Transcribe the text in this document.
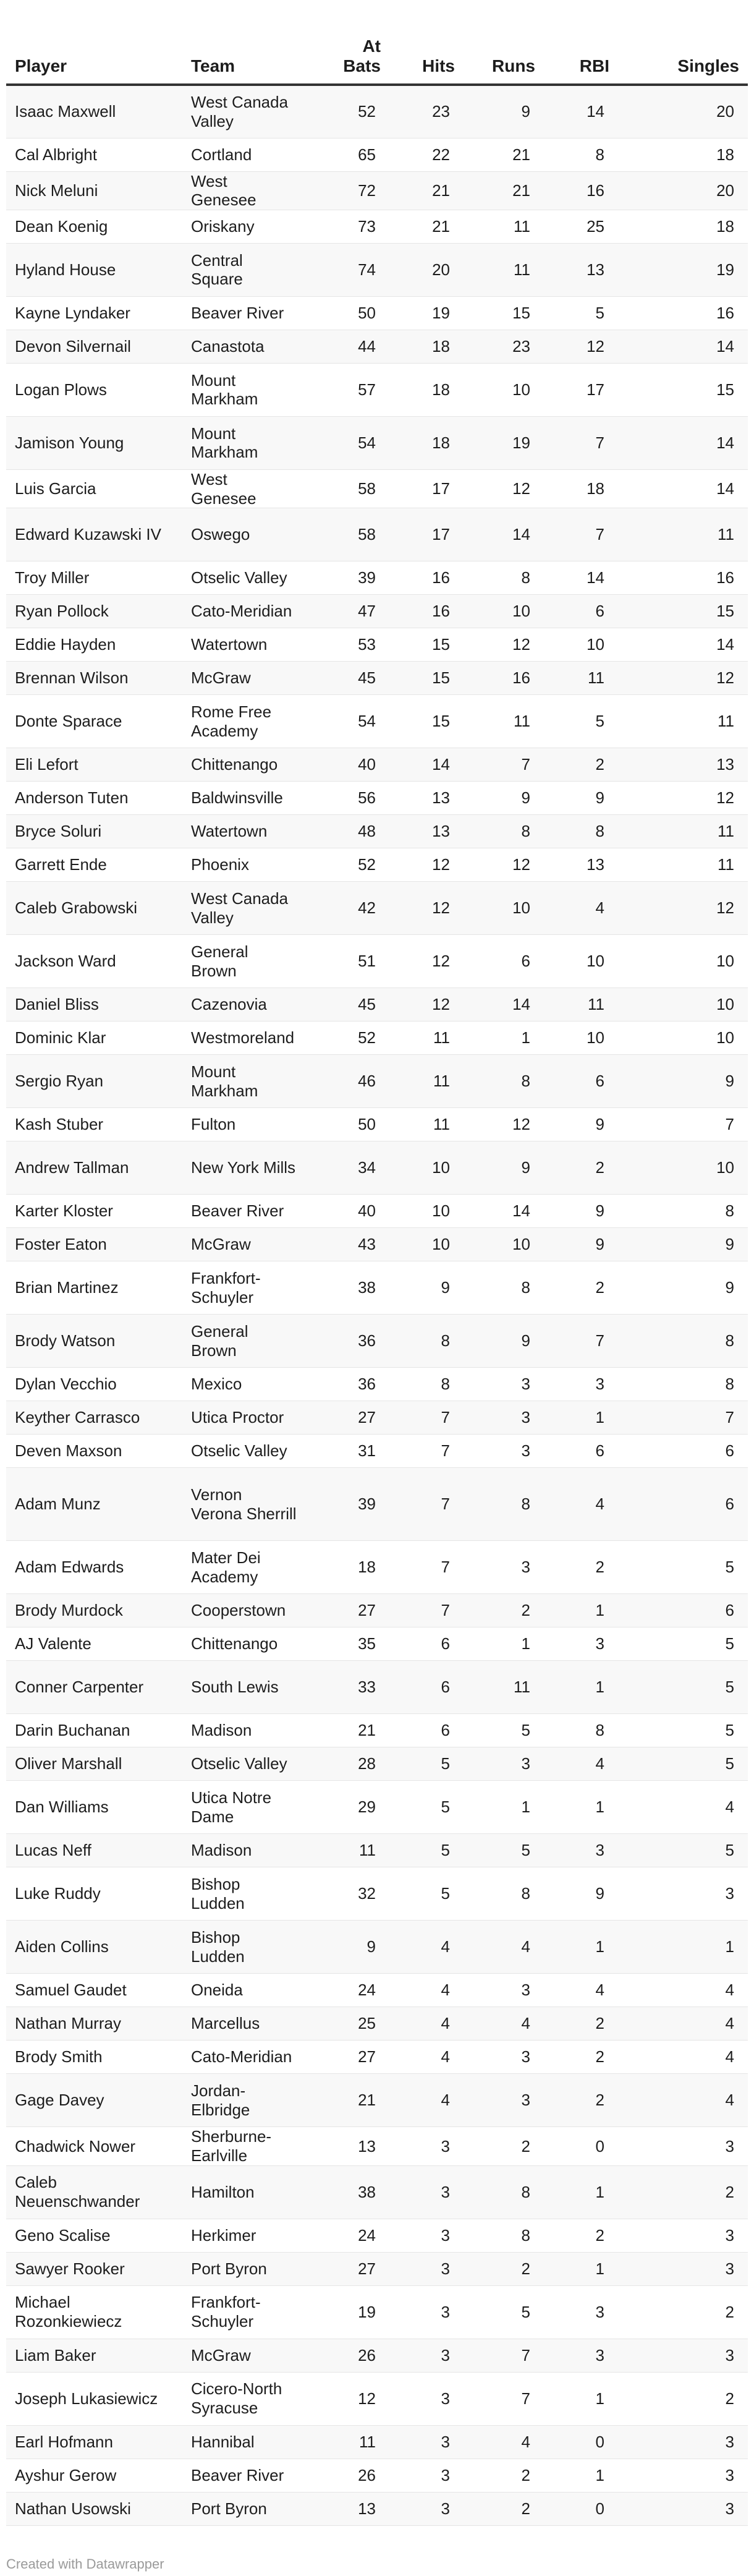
Player	Team	At Bats	Hits	Runs	RBI	Singles
Isaac Maxwell	West Canada Valley	52	23	9	14	20
Cal Albright	Cortland	65	22	21	8	18
Nick Meluni	West Genesee	72	21	21	16	20
Dean Koenig	Oriskany	73	21	11	25	18
Hyland House	Central Square	74	20	11	13	19
Kayne Lyndaker	Beaver River	50	19	15	5	16
Devon Silvernail	Canastota	44	18	23	12	14
Logan Plows	Mount Markham	57	18	10	17	15
Jamison Young	Mount Markham	54	18	19	7	14
Luis Garcia	West Genesee	58	17	12	18	14
Edward Kuzawski IV	Oswego	58	17	14	7	11
Troy Miller	Otselic Valley	39	16	8	14	16
Ryan Pollock	Cato-Meridian	47	16	10	6	15
Eddie Hayden	Watertown	53	15	12	10	14
Brennan Wilson	McGraw	45	15	16	11	12
Donte Sparace	Rome Free Academy	54	15	11	5	11
Eli Lefort	Chittenango	40	14	7	2	13
Anderson Tuten	Baldwinsville	56	13	9	9	12
Bryce Soluri	Watertown	48	13	8	8	11
Garrett Ende	Phoenix	52	12	12	13	11
Caleb Grabowski	West Canada Valley	42	12	10	4	12
Jackson Ward	General Brown	51	12	6	10	10
Daniel Bliss	Cazenovia	45	12	14	11	10
Dominic Klar	Westmoreland	52	11	1	10	10
Sergio Ryan	Mount Markham	46	11	8	6	9
Kash Stuber	Fulton	50	11	12	9	7
Andrew Tallman	New York Mills	34	10	9	2	10
Karter Kloster	Beaver River	40	10	14	9	8
Foster Eaton	McGraw	43	10	10	9	9
Brian Martinez	Frankfort-Schuyler	38	9	8	2	9
Brody Watson	General Brown	36	8	9	7	8
Dylan Vecchio	Mexico	36	8	3	3	8
Keyther Carrasco	Utica Proctor	27	7	3	1	7
Deven Maxson	Otselic Valley	31	7	3	6	6
Adam Munz	Vernon Verona Sherrill	39	7	8	4	6
Adam Edwards	Mater Dei Academy	18	7	3	2	5
Brody Murdock	Cooperstown	27	7	2	1	6
AJ Valente	Chittenango	35	6	1	3	5
Conner Carpenter	South Lewis	33	6	11	1	5
Darin Buchanan	Madison	21	6	5	8	5
Oliver Marshall	Otselic Valley	28	5	3	4	5
Dan Williams	Utica Notre Dame	29	5	1	1	4
Lucas Neff	Madison	11	5	5	3	5
Luke Ruddy	Bishop Ludden	32	5	8	9	3
Aiden Collins	Bishop Ludden	9	4	4	1	1
Samuel Gaudet	Oneida	24	4	3	4	4
Nathan Murray	Marcellus	25	4	4	2	4
Brody Smith	Cato-Meridian	27	4	3	2	4
Gage Davey	Jordan-Elbridge	21	4	3	2	4
Chadwick Nower	Sherburne-Earlville	13	3	2	0	3
Caleb Neuenschwander	Hamilton	38	3	8	1	2
Geno Scalise	Herkimer	24	3	8	2	3
Sawyer Rooker	Port Byron	27	3	2	1	3
Michael Rozonkiewiecz	Frankfort-Schuyler	19	3	5	3	2
Liam Baker	McGraw	26	3	7	3	3
Joseph Lukasiewicz	Cicero-North Syracuse	12	3	7	1	2
Earl Hofmann	Hannibal	11	3	4	0	3
Ayshur Gerow	Beaver River	26	3	2	1	3
Nathan Usowski	Port Byron	13	3	2	0	3
Created with Datawrapper
